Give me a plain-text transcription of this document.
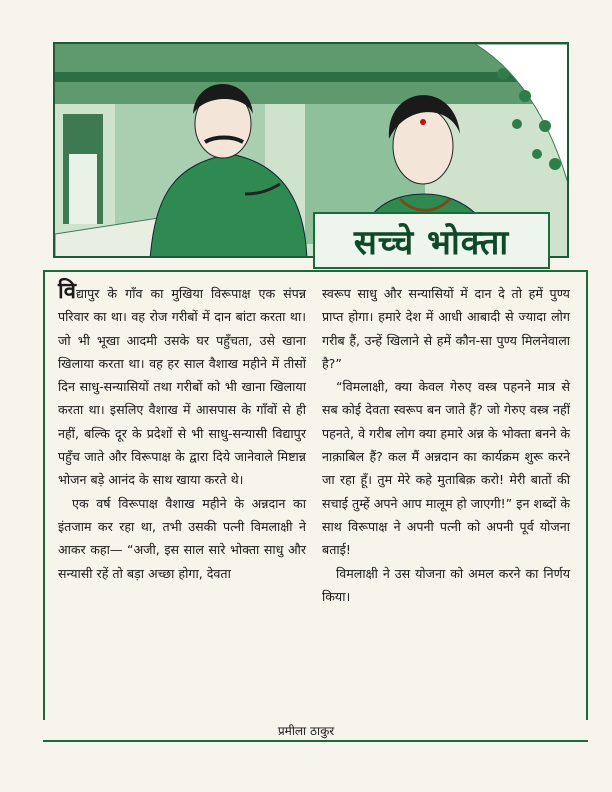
सच्चे भोक्ता

विद्यापुर के गाँव का मुखिया विरूपाक्ष एक संपन्न परिवार का था। वह रोज गरीबों में दान बांटा करता था। जो भी भूखा आदमी उसके घर पहुँचता, उसे खाना खिलाया करता था। वह हर साल वैशाख महीने में तीसों दिन साधु-सन्यासियों तथा गरीबों को भी खाना खिलाया करता था। इसलिए वैशाख में आसपास के गाँवों से ही नहीं, बल्कि दूर के प्रदेशों से भी साधु-सन्यासी विद्यापुर पहुँच जाते और विरूपाक्ष के द्वारा दिये जानेवाले मिष्टान्न भोजन बड़े आनंद के साथ खाया करते थे।

एक वर्ष विरूपाक्ष वैशाख महीने के अन्नदान का इंतजाम कर रहा था, तभी उसकी पत्नी विमलाक्षी ने आकर कहा— “अजी, इस साल सारे भोक्ता साधु और सन्यासी रहें तो बड़ा अच्छा होगा, देवता

स्वरूप साधु और सन्यासियों में दान दे तो हमें पुण्य प्राप्त होगा। हमारे देश में आधी आबादी से ज्यादा लोग गरीब हैं, उन्हें खिलाने से हमें कौन-सा पुण्य मिलनेवाला है?”

“विमलाक्षी, क्या केवल गेरुए वस्त्र पहनने मात्र से सब कोई देवता स्वरूप बन जाते हैं? जो गेरुए वस्त्र नहीं पहनते, वे गरीब लोग क्या हमारे अन्न के भोक्ता बनने के नाक़ाबिल हैं? कल मैं अन्नदान का कार्यक्रम शुरू करने जा रहा हूँ। तुम मेरे कहे मुताबिक़ करो! मेरी बातों की सचाई तुम्हें अपने आप मालूम हो जाएगी!” इन शब्दों के साथ विरूपाक्ष ने अपनी पत्नी को अपनी पूर्व योजना बताई!

विमलाक्षी ने उस योजना को अमल करने का निर्णय किया।

प्रमीला ठाकुर
